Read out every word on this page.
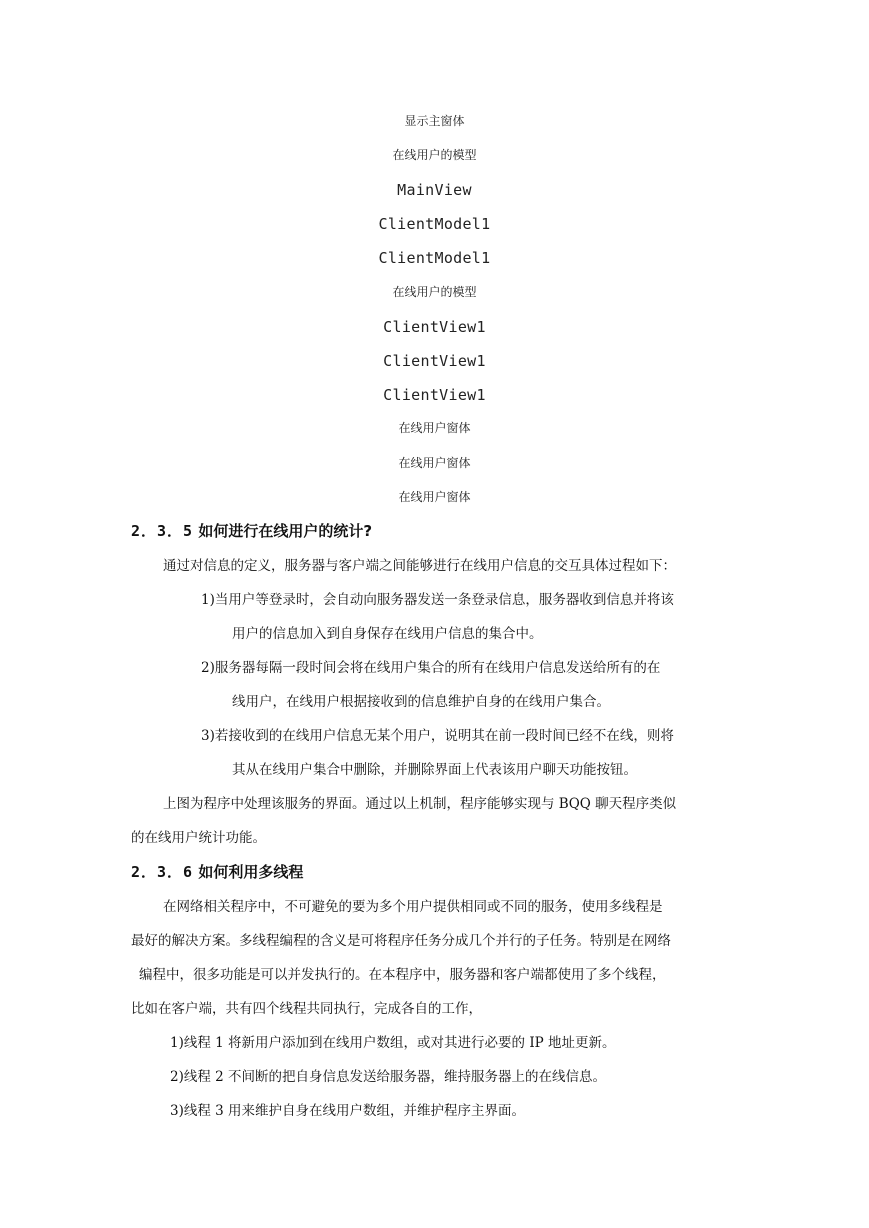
显示主窗体
在线用户的模型
MainView
ClientModel1
ClientModel1
在线用户的模型
ClientView1
ClientView1
ClientView1
在线用户窗体
在线用户窗体
在线用户窗体
2．3．5 如何进行在线用户的统计?
通过对信息的定义，服务器与客户端之间能够进行在线用户信息的交互具体过程如下：
1)当用户等登录时，会自动向服务器发送一条登录信息，服务器收到信息并将该
用户的信息加入到自身保存在线用户信息的集合中。
2)服务器每隔一段时间会将在线用户集合的所有在线用户信息发送给所有的在
线用户，在线用户根据接收到的信息维护自身的在线用户集合。
3)若接收到的在线用户信息无某个用户，说明其在前一段时间已经不在线，则将
其从在线用户集合中删除，并删除界面上代表该用户聊天功能按钮。
上图为程序中处理该服务的界面。通过以上机制，程序能够实现与 BQQ 聊天程序类似
的在线用户统计功能。
2．3．6 如何利用多线程
在网络相关程序中，不可避免的要为多个用户提供相同或不同的服务，使用多线程是
最好的解决方案。多线程编程的含义是可将程序任务分成几个并行的子任务。特别是在网络
编程中，很多功能是可以并发执行的。在本程序中，服务器和客户端都使用了多个线程，
比如在客户端，共有四个线程共同执行，完成各自的工作，
1)线程 1 将新用户添加到在线用户数组，或对其进行必要的 IP 地址更新。
2)线程 2 不间断的把自身信息发送给服务器，维持服务器上的在线信息。
3)线程 3 用来维护自身在线用户数组，并维护程序主界面。
